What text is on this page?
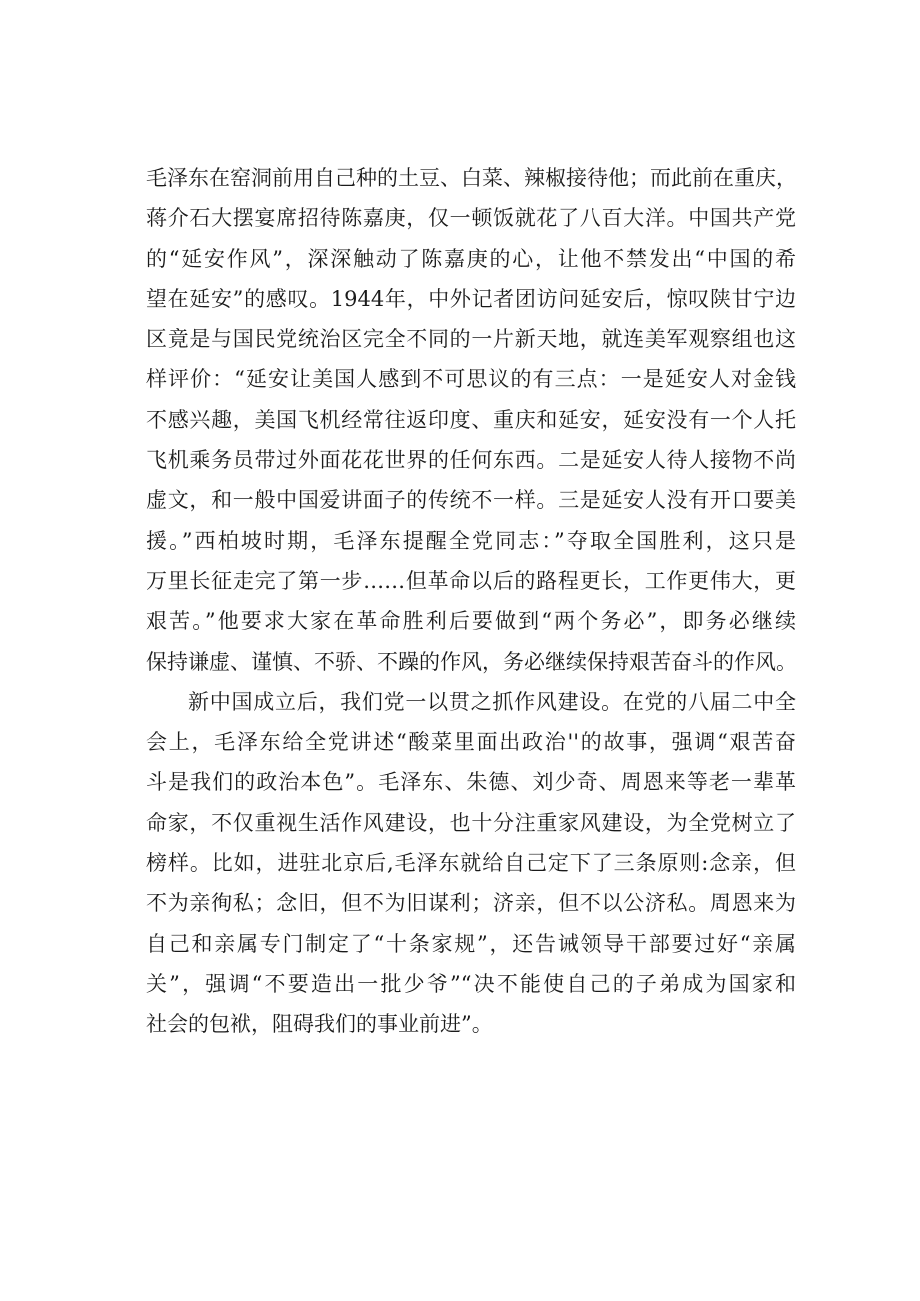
毛泽东在窑洞前用自己种的土豆、白菜、辣椒接待他；而此前在重庆，
蒋介石大摆宴席招待陈嘉庚，仅一顿饭就花了八百大洋。中国共产党
的“延安作风”，深深触动了陈嘉庚的心，让他不禁发出“中国的希
望在延安”的感叹。1944年，中外记者团访问延安后，惊叹陕甘宁边
区竟是与国民党统治区完全不同的一片新天地，就连美军观察组也这
样评价：“延安让美国人感到不可思议的有三点：一是延安人对金钱
不感兴趣，美国飞机经常往返印度、重庆和延安，延安没有一个人托
飞机乘务员带过外面花花世界的任何东西。二是延安人待人接物不尚
虚文，和一般中国爱讲面子的传统不一样。三是延安人没有开口要美
援。”西柏坡时期，毛泽东提醒全党同志：”夺取全国胜利，这只是
万里长征走完了第一步……但革命以后的路程更长，工作更伟大，更
艰苦。”他要求大家在革命胜利后要做到“两个务必”，即务必继续
保持谦虚、谨慎、不骄、不躁的作风，务必继续保持艰苦奋斗的作风。
新中国成立后，我们党一以贯之抓作风建设。在党的八届二中全
会上，毛泽东给全党讲述“酸菜里面出政治''的故事，强调“艰苦奋
斗是我们的政治本色”。毛泽东、朱德、刘少奇、周恩来等老一辈革
命家，不仅重视生活作风建设，也十分注重家风建设，为全党树立了
榜样。比如，进驻北京后,毛泽东就给自己定下了三条原则:念亲，但
不为亲徇私；念旧，但不为旧谋利；济亲，但不以公济私。周恩来为
自己和亲属专门制定了“十条家规”，还告诫领导干部要过好“亲属
关”，强调“不要造出一批少爷”“决不能使自己的子弟成为国家和
社会的包袱，阻碍我们的事业前进”。
